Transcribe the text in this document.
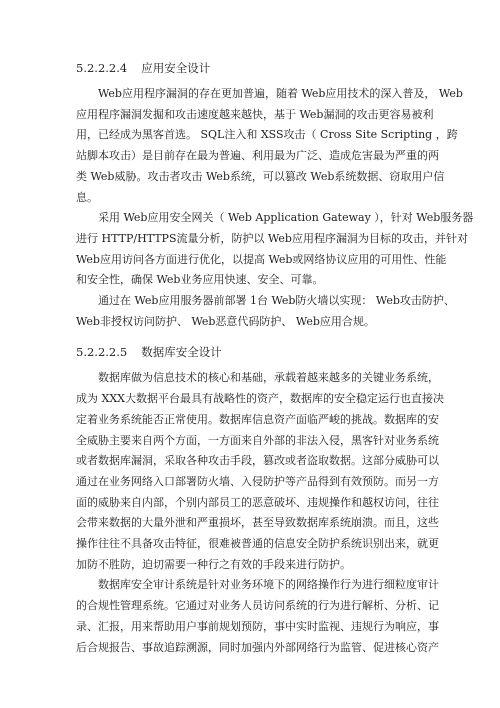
5.2.2.2.4 应用安全设计
Web应用程序漏洞的存在更加普遍，随着 Web应用技术的深入普及， Web
应用程序漏洞发掘和攻击速度越来越快，基于 Web漏洞的攻击更容易被利
用，已经成为黑客首选。 SQL注入和 XSS攻击（ Cross Site Scripting ，跨
站脚本攻击）是目前存在最为普遍、利用最为广泛、造成危害最为严重的两
类 Web威胁。攻击者攻击 Web系统，可以篡改 Web系统数据、窃取用户信
息。
采用 Web应用安全网关（ Web Application Gateway ），针对 Web服务器
进行 HTTP/HTTPS流量分析，防护以 Web应用程序漏洞为目标的攻击，并针对
Web应用访问各方面进行优化，以提高 Web或网络协议应用的可用性、性能
和安全性，确保 Web业务应用快速、安全、可靠。
通过在 Web应用服务器前部署 1台 Web防火墙以实现： Web攻击防护、
Web非授权访问防护、 Web恶意代码防护、 Web应用合规。
5.2.2.2.5 数据库安全设计
数据库做为信息技术的核心和基础，承载着越来越多的关键业务系统，
成为 XXX大数据平台最具有战略性的资产，数据库的安全稳定运行也直接决
定着业务系统能否正常使用。数据库信息资产面临严峻的挑战。数据库的安
全威胁主要来自两个方面，一方面来自外部的非法入侵，黑客针对业务系统
或者数据库漏洞，采取各种攻击手段，篡改或者盗取数据。这部分威胁可以
通过在业务网络入口部署防火墙、入侵防护等产品得到有效预防。而另一方
面的威胁来自内部，个别内部员工的恶意破坏、违规操作和越权访问，往往
会带来数据的大量外泄和严重损坏，甚至导致数据库系统崩溃。而且，这些
操作往往不具备攻击特征，很难被普通的信息安全防护系统识别出来，就更
加防不胜防，迫切需要一种行之有效的手段来进行防护。
数据库安全审计系统是针对业务环境下的网络操作行为进行细粒度审计
的合规性管理系统。它通过对业务人员访问系统的行为进行解析、分析、记
录、汇报，用来帮助用户事前规划预防，事中实时监视、违规行为响应，事
后合规报告、事故追踪溯源，同时加强内外部网络行为监管、促进核心资产
